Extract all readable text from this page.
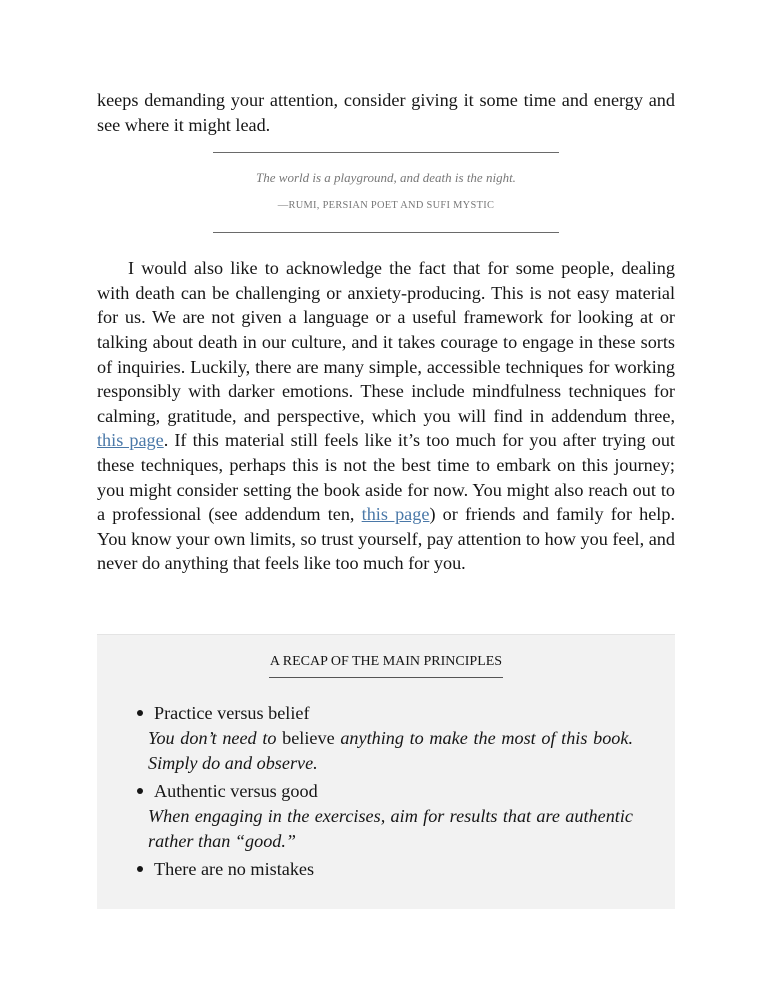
keeps demanding your attention, consider giving it some time and energy and see where it might lead.

The world is a playground, and death is the night.

—RUMI, PERSIAN POET AND SUFI MYSTIC

I would also like to acknowledge the fact that for some people, dealing with death can be challenging or anxiety-producing. This is not easy material for us. We are not given a language or a useful framework for looking at or talking about death in our culture, and it takes courage to engage in these sorts of inquiries. Luckily, there are many simple, accessible techniques for working responsibly with darker emotions. These include mindfulness techniques for calming, gratitude, and perspective, which you will find in addendum three, this page. If this material still feels like it’s too much for you after trying out these techniques, perhaps this is not the best time to embark on this journey; you might consider setting the book aside for now. You might also reach out to a professional (see addendum ten, this page) or friends and family for help. You know your own limits, so trust yourself, pay attention to how you feel, and never do anything that feels like too much for you.

A RECAP OF THE MAIN PRINCIPLES

Practice versus belief

You don’t need to believe anything to make the most of this book. Simply do and observe.

Authentic versus good

When engaging in the exercises, aim for results that are authentic rather than “good.”

There are no mistakes
